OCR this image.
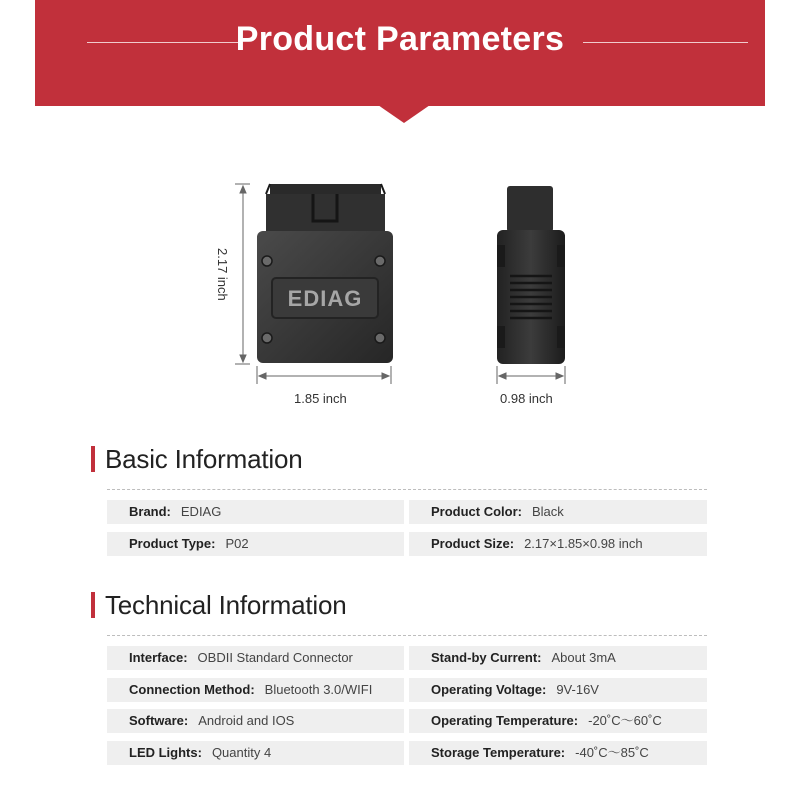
Product Parameters
EDIAG
2.17 inch
1.85 inch	0.98 inch
Basic Information
Brand: EDIAG	Product Color: Black
Product Type: P02	Product Size: 2.17×1.85×0.98 inch
Technical Information
Interface: OBDII Standard Connector	Stand-by Current: About 3mA
Connection Method: Bluetooth 3.0/WIFI	Operating Voltage: 9V-16V
Software: Android and IOS	Operating Temperature: -20˚C～60˚C
LED Lights: Quantity 4	Storage Temperature: -40˚C～85˚C
